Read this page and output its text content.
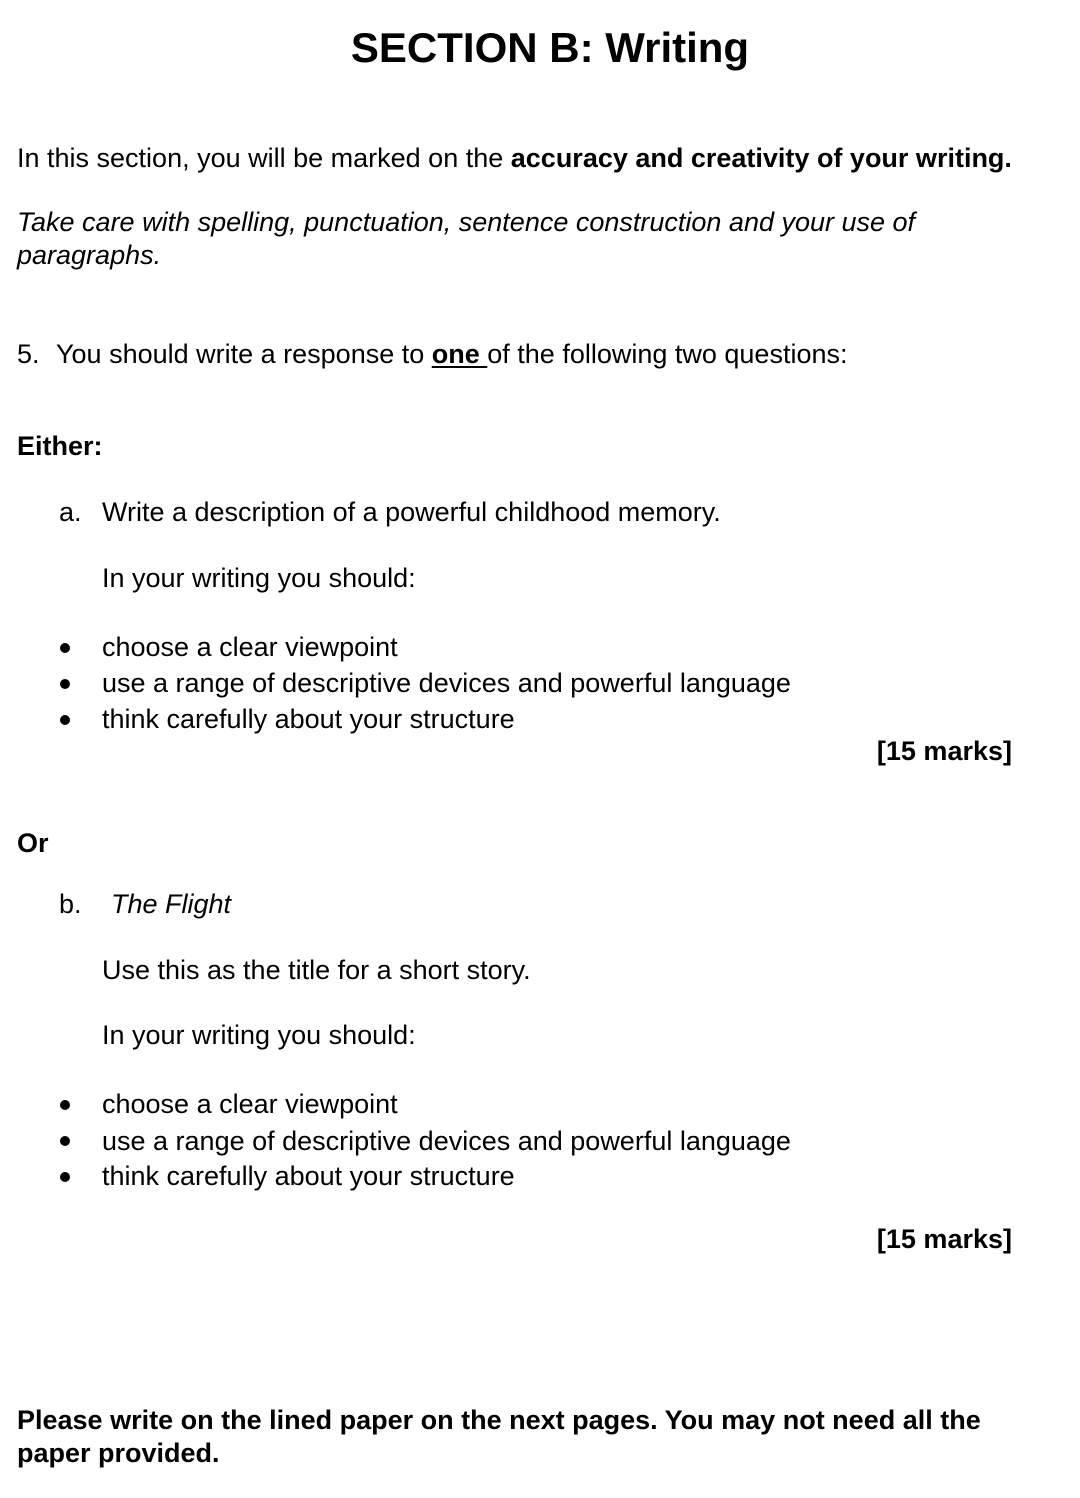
SECTION B: Writing
In this section, you will be marked on the accuracy and creativity of your writing.
Take care with spelling, punctuation, sentence construction and your use of
paragraphs.
5. You should write a response to one of the following two questions:
Either:
a. Write a description of a powerful childhood memory.
In your writing you should:
choose a clear viewpoint
use a range of descriptive devices and powerful language
think carefully about your structure
[15 marks]
Or
b. The Flight
Use this as the title for a short story.
In your writing you should:
choose a clear viewpoint
use a range of descriptive devices and powerful language
think carefully about your structure
[15 marks]
Please write on the lined paper on the next pages. You may not need all the
paper provided.
